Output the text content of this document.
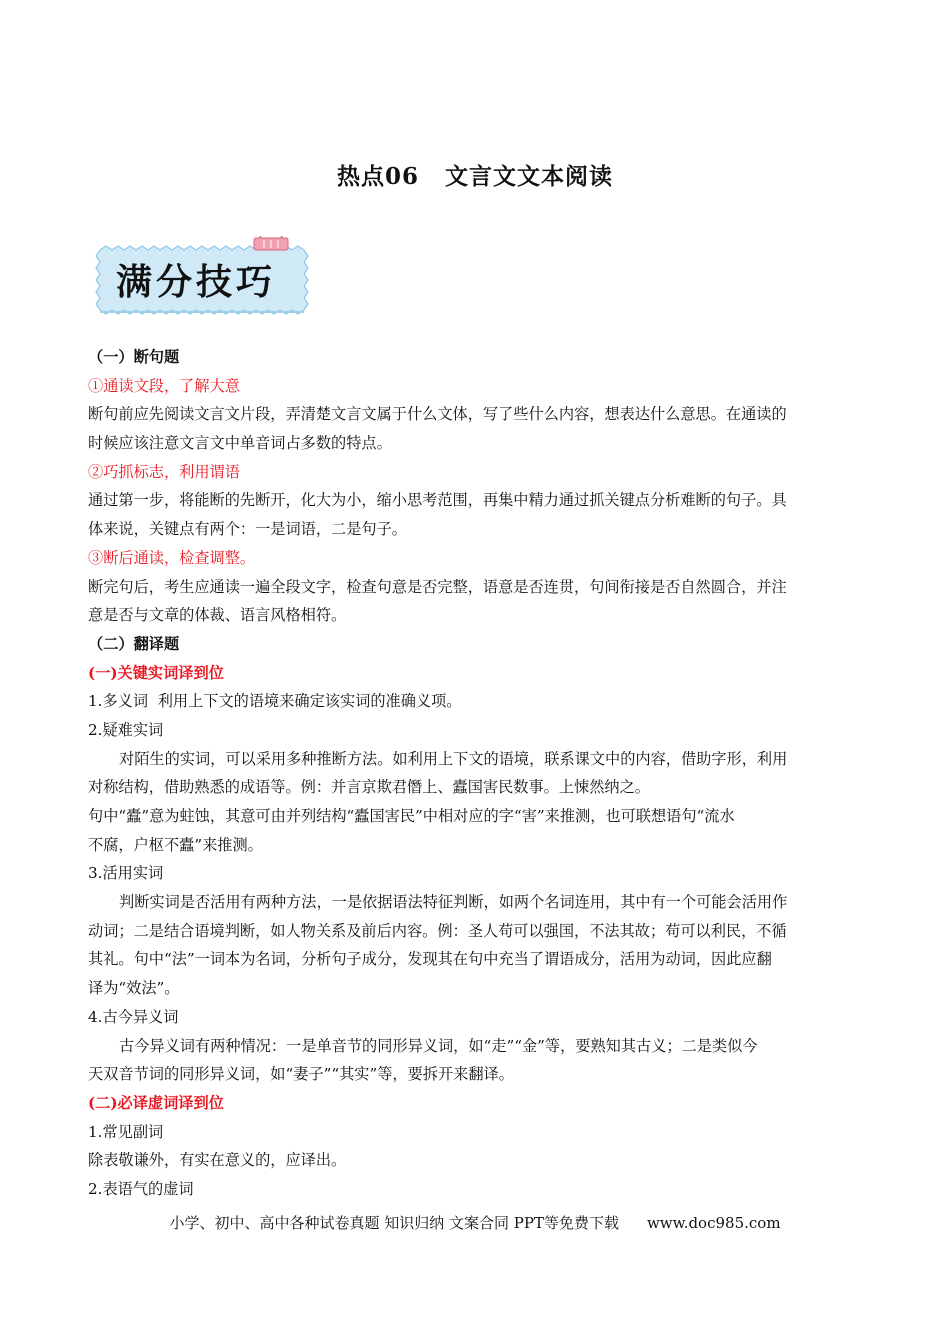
热点06 文言文文本阅读
满分技巧
（一）断句题
①通读文段，了解大意
断句前应先阅读文言文片段，弄清楚文言文属于什么文体，写了些什么内容，想表达什么意思。在通读的
时候应该注意文言文中单音词占多数的特点。
②巧抓标志，利用谓语
通过第一步，将能断的先断开，化大为小，缩小思考范围，再集中精力通过抓关键点分析难断的句子。具
体来说，关键点有两个：一是词语，二是句子。
③断后通读，检查调整。
断完句后，考生应通读一遍全段文字，检查句意是否完整，语意是否连贯，句间衔接是否自然圆合，并注
意是否与文章的体裁、语言风格相符。
（二）翻译题
(一)关键实词译到位
1.多义词  利用上下文的语境来确定该实词的准确义项。
2.疑难实词
对陌生的实词，可以采用多种推断方法。如利用上下文的语境，联系课文中的内容，借助字形，利用
对称结构，借助熟悉的成语等。例：并言京欺君僭上、蠹国害民数事。上悚然纳之。
句中“蠹”意为蛀蚀，其意可由并列结构“蠹国害民”中相对应的字“害”来推测，也可联想语句“流水
不腐，户枢不蠹”来推测。
3.活用实词
判断实词是否活用有两种方法，一是依据语法特征判断，如两个名词连用，其中有一个可能会活用作
动词；二是结合语境判断，如人物关系及前后内容。例：圣人苟可以强国，不法其故；苟可以利民，不循
其礼。句中“法”一词本为名词，分析句子成分，发现其在句中充当了谓语成分，活用为动词，因此应翻
译为“效法”。
4.古今异义词
古今异义词有两种情况：一是单音节的同形异义词，如“走”“金”等，要熟知其古义；二是类似今
天双音节词的同形异义词，如“妻子”“其实”等，要拆开来翻译。
(二)必译虚词译到位
1.常见副词
除表敬谦外，有实在意义的，应译出。
2.表语气的虚词
小学、初中、高中各种试卷真题 知识归纳 文案合同 PPT等免费下载 www.doc985.com
